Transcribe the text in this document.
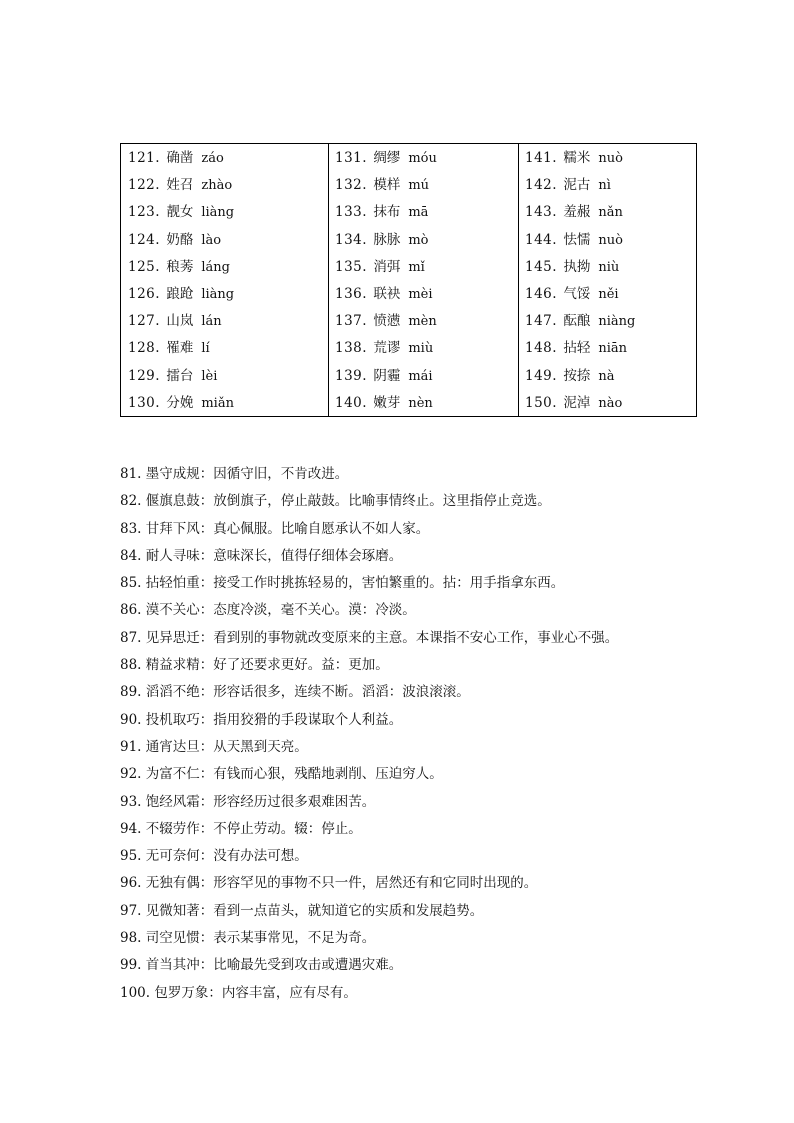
121. 确凿 záo
122. 姓召 zhào
123. 靓女 liàng
124. 奶酪 lào
125. 稂莠 láng
126. 踉跄 liàng
127. 山岚 lán
128. 罹难 lí
129. 擂台 lèi
130. 分娩 miǎn
131. 绸缪 móu
132. 模样 mú
133. 抹布 mā
134. 脉脉 mò
135. 消弭 mǐ
136. 联袂 mèi
137. 愤懑 mèn
138. 荒谬 miù
139. 阴霾 mái
140. 嫩芽 nèn
141. 糯米 nuò
142. 泥古 nì
143. 羞赧 nǎn
144. 怯懦 nuò
145. 执拗 niù
146. 气馁 něi
147. 酝酿 niàng
148. 拈轻 niān
149. 按捺 nà
150. 泥淖 nào
81. 墨守成规：因循守旧，不肯改进。
82. 偃旗息鼓：放倒旗子，停止敲鼓。比喻事情终止。这里指停止竞选。
83. 甘拜下风：真心佩服。比喻自愿承认不如人家。
84. 耐人寻味：意味深长，值得仔细体会琢磨。
85. 拈轻怕重：接受工作时挑拣轻易的，害怕繁重的。拈：用手指拿东西。
86. 漠不关心：态度冷淡，毫不关心。漠：冷淡。
87. 见异思迁：看到别的事物就改变原来的主意。本课指不安心工作，事业心不强。
88. 精益求精：好了还要求更好。益：更加。
89. 滔滔不绝：形容话很多，连续不断。滔滔：波浪滚滚。
90. 投机取巧：指用狡猾的手段谋取个人利益。
91. 通宵达旦：从天黑到天亮。
92. 为富不仁：有钱而心狠，残酷地剥削、压迫穷人。
93. 饱经风霜：形容经历过很多艰难困苦。
94. 不辍劳作：不停止劳动。辍：停止。
95. 无可奈何：没有办法可想。
96. 无独有偶：形容罕见的事物不只一件，居然还有和它同时出现的。
97. 见微知著：看到一点苗头，就知道它的实质和发展趋势。
98. 司空见惯：表示某事常见，不足为奇。
99. 首当其冲：比喻最先受到攻击或遭遇灾难。
100. 包罗万象：内容丰富，应有尽有。
